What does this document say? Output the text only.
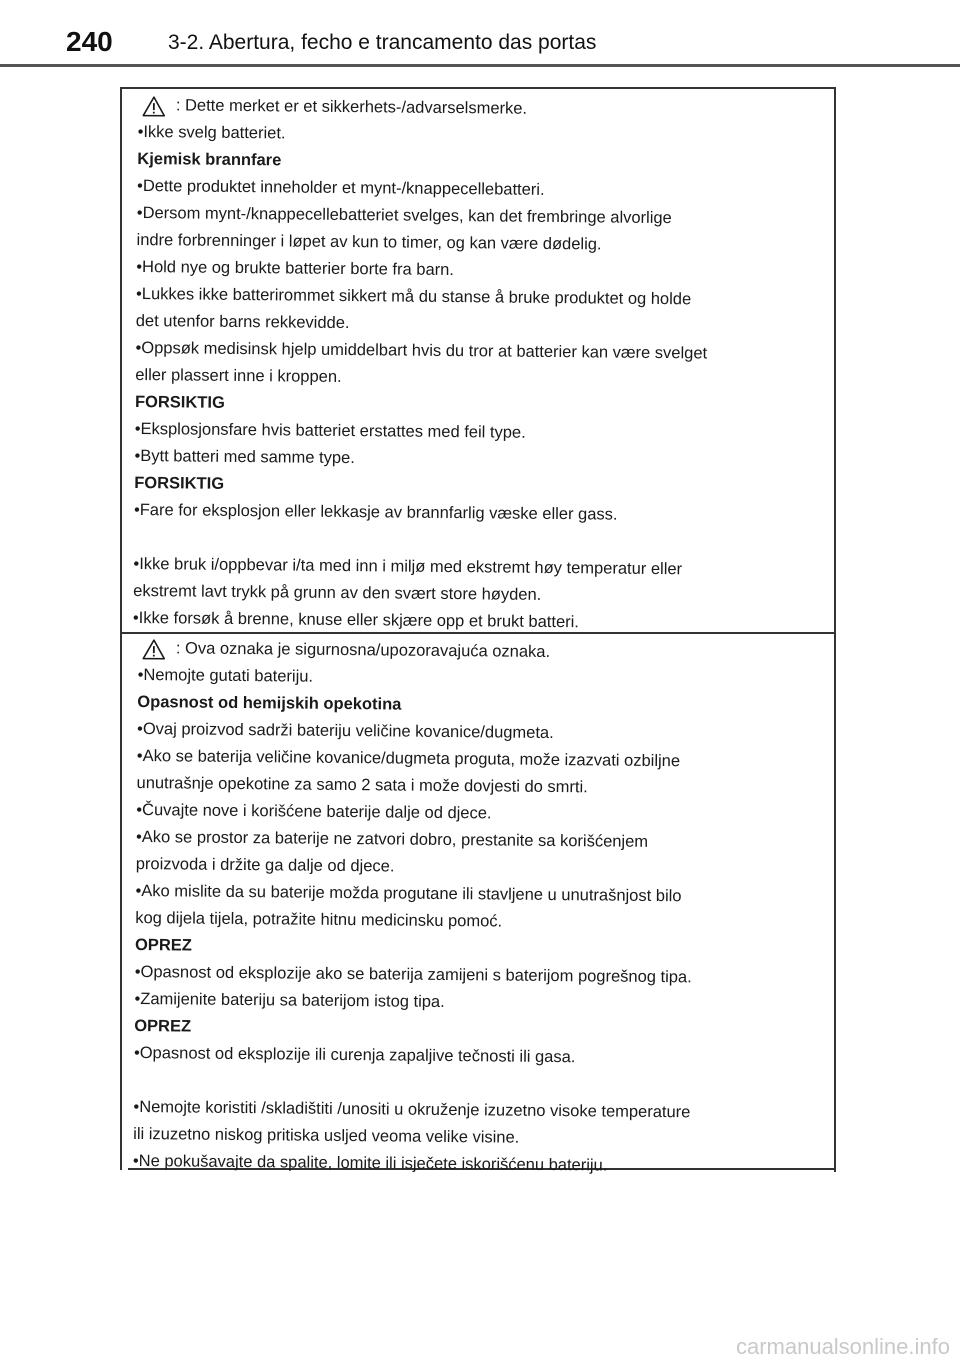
240	3-2. Abertura, fecho e trancamento das portas
: Dette merket er et sikkerhets-/advarselsmerke.
•Ikke svelg batteriet.
Kjemisk brannfare
•Dette produktet inneholder et mynt-/knappecellebatteri.
•Dersom mynt-/knappecellebatteriet svelges, kan det frembringe alvorlige
indre forbrenninger i løpet av kun to timer, og kan være dødelig.
•Hold nye og brukte batterier borte fra barn.
•Lukkes ikke batterirommet sikkert må du stanse å bruke produktet og holde
det utenfor barns rekkevidde.
•Oppsøk medisinsk hjelp umiddelbart hvis du tror at batterier kan være svelget
eller plassert inne i kroppen.
FORSIKTIG
•Eksplosjonsfare hvis batteriet erstattes med feil type.
•Bytt batteri med samme type.
FORSIKTIG
•Fare for eksplosjon eller lekkasje av brannfarlig væske eller gass.
•Ikke bruk i/oppbevar i/ta med inn i miljø med ekstremt høy temperatur eller
ekstremt lavt trykk på grunn av den svært store høyden.
•Ikke forsøk å brenne, knuse eller skjære opp et brukt batteri.
: Ova oznaka je sigurnosna/upozoravajuća oznaka.
•Nemojte gutati bateriju.
Opasnost od hemijskih opekotina
•Ovaj proizvod sadrži bateriju veličine kovanice/dugmeta.
•Ako se baterija veličine kovanice/dugmeta proguta, može izazvati ozbiljne
unutrašnje opekotine za samo 2 sata i može dovjesti do smrti.
•Čuvajte nove i korišćene baterije dalje od djece.
•Ako se prostor za baterije ne zatvori dobro, prestanite sa korišćenjem
proizvoda i držite ga dalje od djece.
•Ako mislite da su baterije možda progutane ili stavljene u unutrašnjost bilo
kog dijela tijela, potražite hitnu medicinsku pomoć.
OPREZ
•Opasnost od eksplozije ako se baterija zamijeni s baterijom pogrešnog tipa.
•Zamijenite bateriju sa baterijom istog tipa.
OPREZ
•Opasnost od eksplozije ili curenja zapaljive tečnosti ili gasa.
•Nemojte koristiti /skladištiti /unositi u okruženje izuzetno visoke temperature
ili izuzetno niskog pritiska usljed veoma velike visine.
•Ne pokušavajte da spalite, lomite ili isječete iskorišćenu bateriju.
carmanualsonline.info
